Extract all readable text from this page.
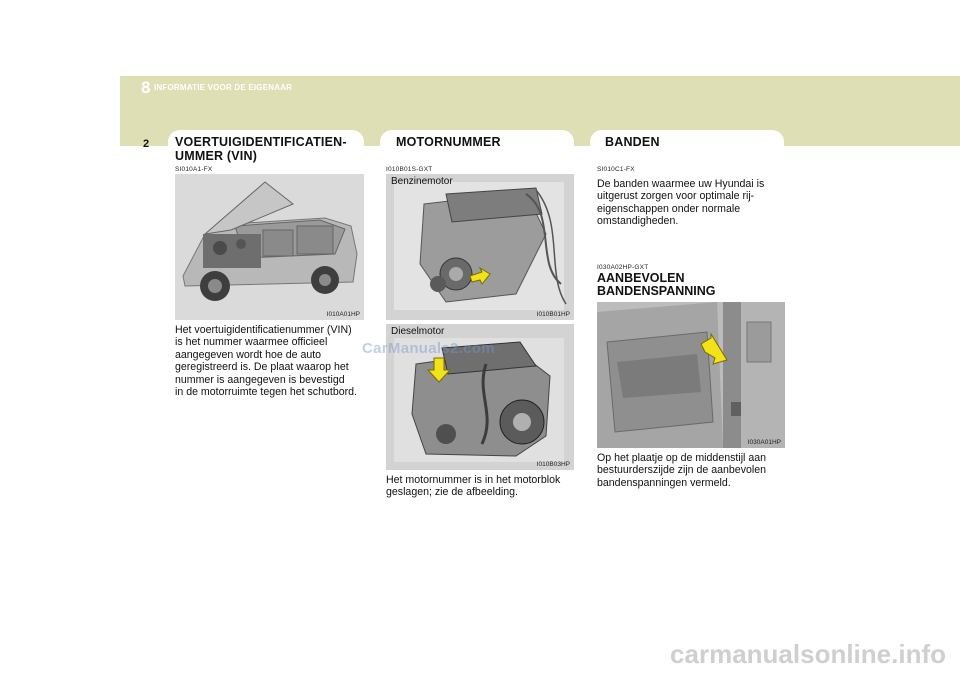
8 INFORMATIE VOOR DE EIGENAAR
2 VOERTUIGIDENTIFICATIEN-
UMMER (VIN)
SI010A1-FX
I010A01HP
Het voertuigidentificatienummer (VIN)
is het nummer waarmee officieel
aangegeven wordt hoe de auto
geregistreerd is. De plaat waarop het
nummer is aangegeven is bevestigd
in de motorruimte tegen het schutbord.
MOTORNUMMER
I010B01S-GXT
Benzinemotor
I010B01HP
Dieselmotor
I010B03HP
Het motornummer is in het motorblok
geslagen; zie de afbeelding.
BANDEN
SI010C1-FX
De banden waarmee uw Hyundai is
uitgerust zorgen voor optimale rij-
eigenschappen onder normale
omstandigheden.
I030A02HP-GXT
AANBEVOLEN
BANDENSPANNING
I030A01HP
Op het plaatje op de middenstijl aan
bestuurderszijde zijn de aanbevolen
bandenspanningen vermeld.
CarManuals2.com
carmanualsonline.info
